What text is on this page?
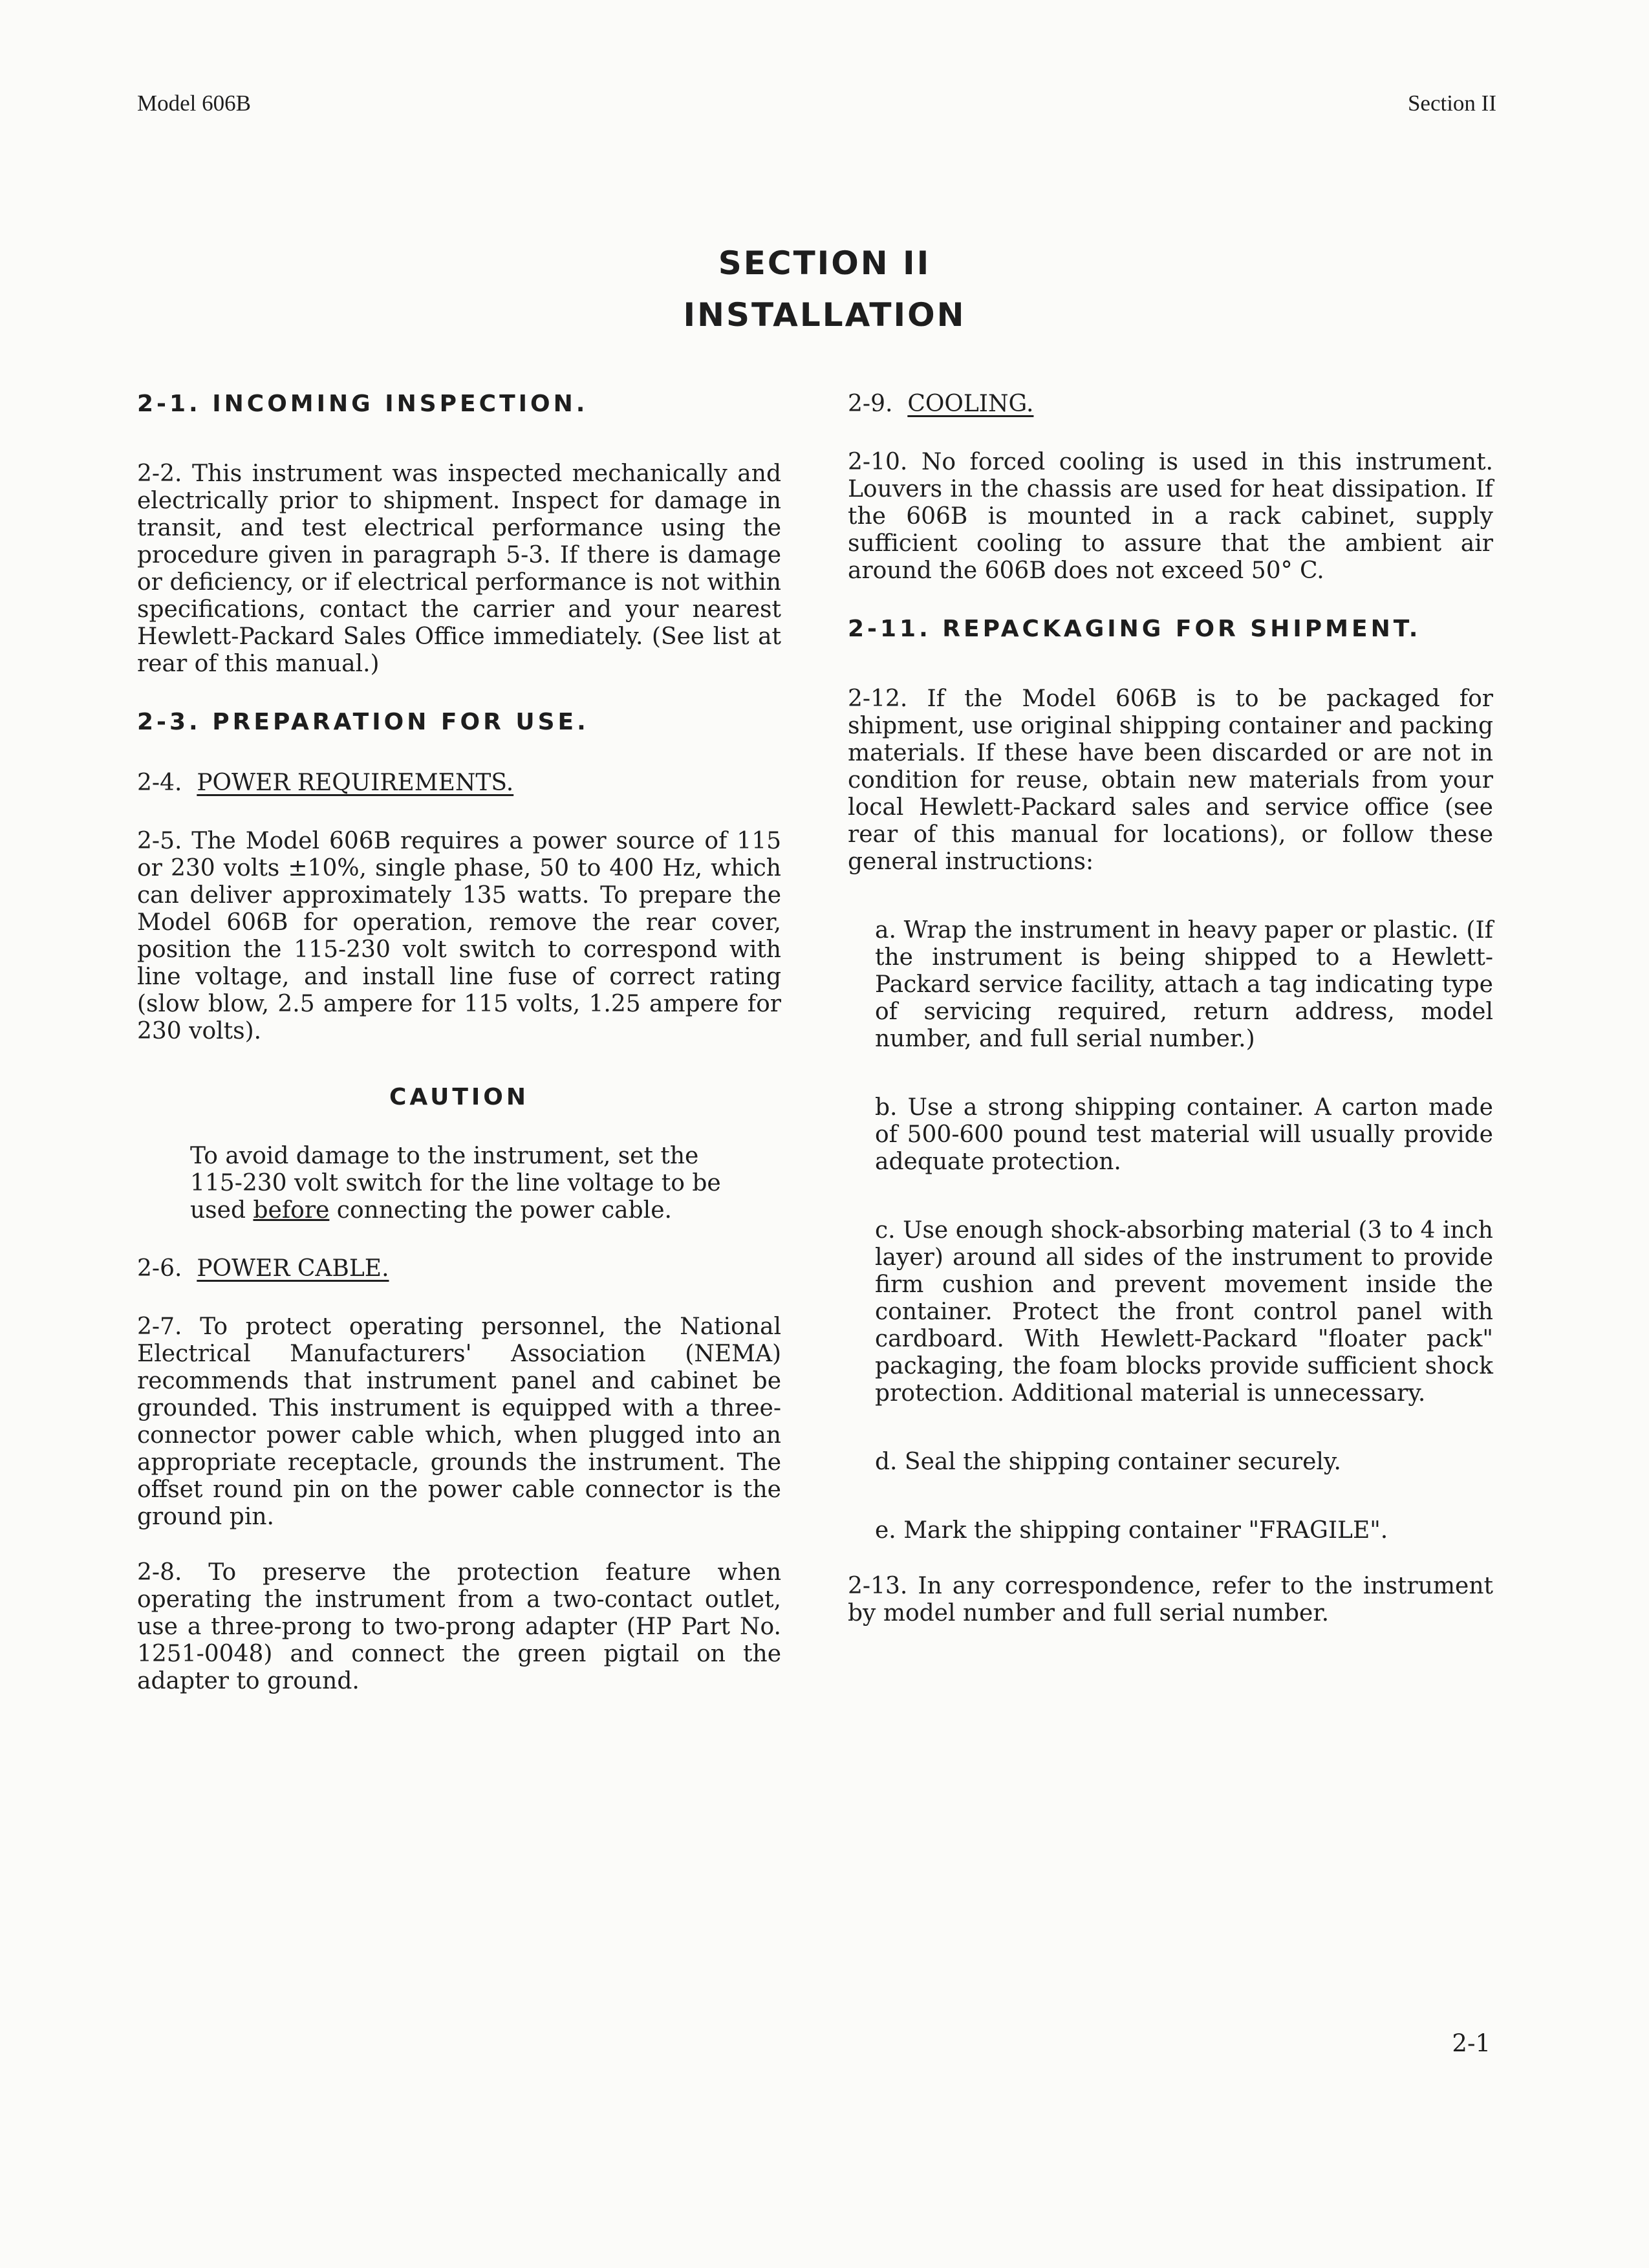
Model 606B	Section II
SECTION II
INSTALLATION
2-1. INCOMING INSPECTION.

2-2. This instrument was inspected mechanically and electrically prior to shipment. Inspect for damage in transit, and test electrical performance using the procedure given in paragraph 5-3. If there is damage or deficiency, or if electrical performance is not within specifications, contact the carrier and your nearest Hewlett-Packard Sales Office immediately. (See list at rear of this manual.)

2-3. PREPARATION FOR USE.
2-4. POWER REQUIREMENTS.

2-5. The Model 606B requires a power source of 115 or 230 volts ±10%, single phase, 50 to 400 Hz, which can deliver approximately 135 watts. To prepare the Model 606B for operation, remove the rear cover, position the 115-230 volt switch to correspond with line voltage, and install line fuse of correct rating (slow blow, 2.5 ampere for 115 volts, 1.25 ampere for 230 volts).

CAUTION

To avoid damage to the instrument, set the 115-230 volt switch for the line voltage to be used before connecting the power cable.

2-6. POWER CABLE.

2-7. To protect operating personnel, the National Electrical Manufacturers' Association (NEMA) recommends that instrument panel and cabinet be grounded. This instrument is equipped with a three-connector power cable which, when plugged into an appropriate receptacle, grounds the instrument. The offset round pin on the power cable connector is the ground pin.

2-8. To preserve the protection feature when operating the instrument from a two-contact outlet, use a three-prong to two-prong adapter (HP Part No. 1251-0048) and connect the green pigtail on the adapter to ground.

2-9. COOLING.

2-10. No forced cooling is used in this instrument. Louvers in the chassis are used for heat dissipation. If the 606B is mounted in a rack cabinet, supply sufficient cooling to assure that the ambient air around the 606B does not exceed 50° C.

2-11. REPACKAGING FOR SHIPMENT.

2-12. If the Model 606B is to be packaged for shipment, use original shipping container and packing materials. If these have been discarded or are not in condition for reuse, obtain new materials from your local Hewlett-Packard sales and service office (see rear of this manual for locations), or follow these general instructions:

a. Wrap the instrument in heavy paper or plastic. (If the instrument is being shipped to a Hewlett-Packard service facility, attach a tag indicating type of servicing required, return address, model number, and full serial number.)

b. Use a strong shipping container. A carton made of 500-600 pound test material will usually provide adequate protection.

c. Use enough shock-absorbing material (3 to 4 inch layer) around all sides of the instrument to provide firm cushion and prevent movement inside the container. Protect the front control panel with cardboard. With Hewlett-Packard "floater pack" packaging, the foam blocks provide sufficient shock protection. Additional material is unnecessary.

d. Seal the shipping container securely.

e. Mark the shipping container "FRAGILE".

2-13. In any correspondence, refer to the instrument by model number and full serial number.

2-1
